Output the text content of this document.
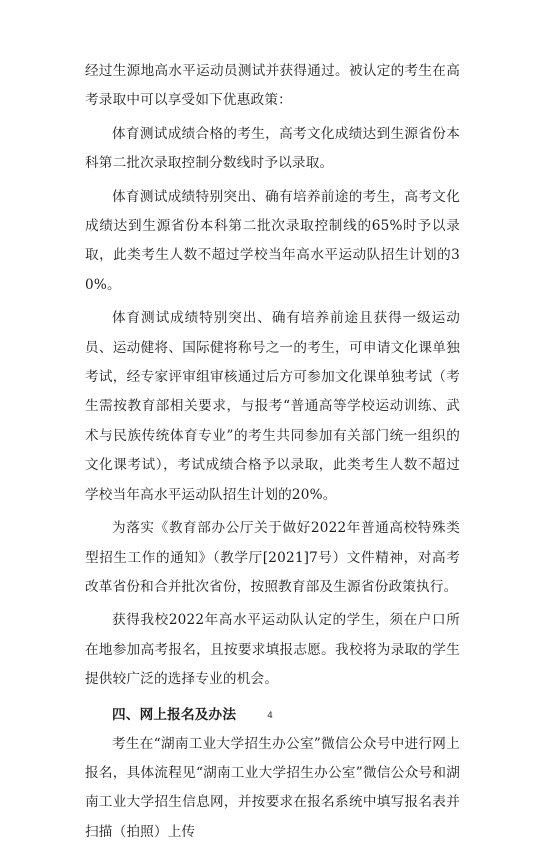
经过生源地高水平运动员测试并获得通过。被认定的考生在高考录取中可以享受如下优惠政策：

体育测试成绩合格的考生，高考文化成绩达到生源省份本科第二批次录取控制分数线时予以录取。

体育测试成绩特别突出、确有培养前途的考生，高考文化成绩达到生源省份本科第二批次录取控制线的65%时予以录取，此类考生人数不超过学校当年高水平运动队招生计划的30%。

体育测试成绩特别突出、确有培养前途且获得一级运动员、运动健将、国际健将称号之一的考生，可申请文化课单独考试，经专家评审组审核通过后方可参加文化课单独考试（考生需按教育部相关要求，与报考“普通高等学校运动训练、武术与民族传统体育专业”的考生共同参加有关部门统一组织的文化课考试），考试成绩合格予以录取，此类考生人数不超过学校当年高水平运动队招生计划的20%。

为落实《教育部办公厅关于做好2022年普通高校特殊类型招生工作的通知》（教学厅[2021]7号）文件精神，对高考改革省份和合并批次省份，按照教育部及生源省份政策执行。

获得我校2022年高水平运动队认定的学生，须在户口所在地参加高考报名，且按要求填报志愿。我校将为录取的学生提供较广泛的选择专业的机会。

四、网上报名及办法

考生在“湖南工业大学招生办公室”微信公众号中进行网上报名，具体流程见“湖南工业大学招生办公室”微信公众号和湖南工业大学招生信息网，并按要求在报名系统中填写报名表并扫描（拍照）上传

4
